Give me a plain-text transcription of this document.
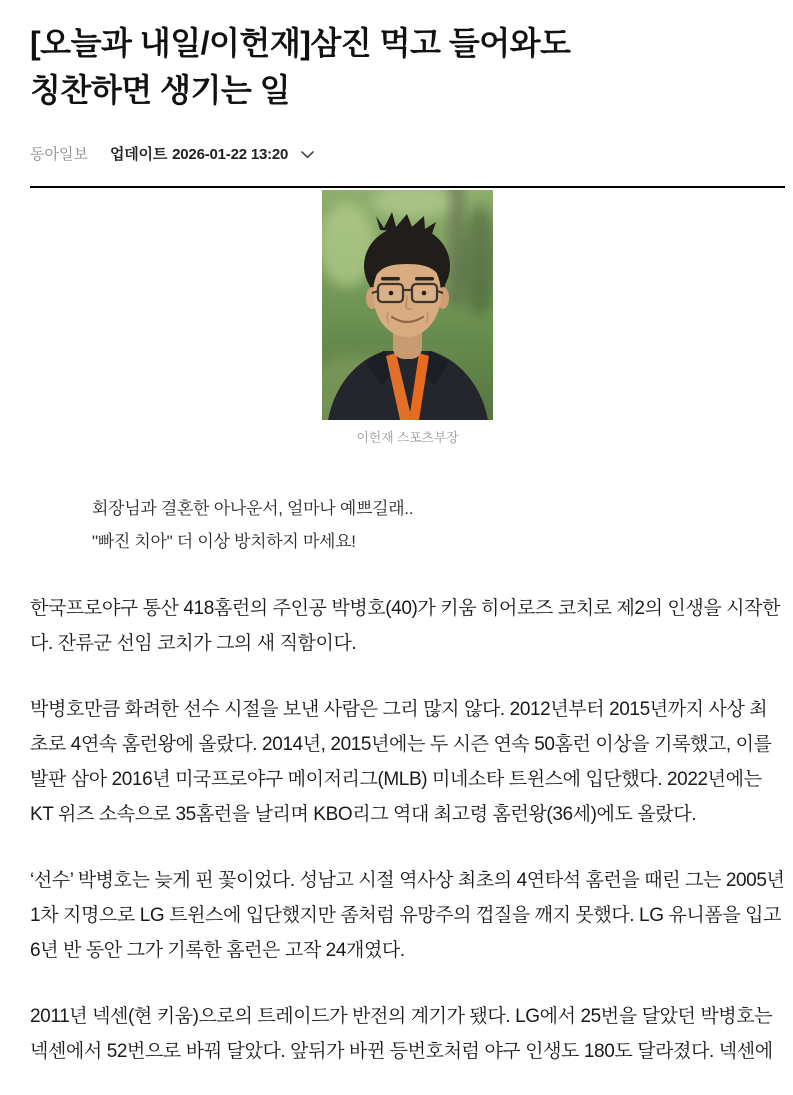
[오늘과 내일/이헌재]삼진 먹고 들어와도 칭찬하면 생기는 일
동아일보 업데이트 2026-01-22 13:20
이헌재 스포츠부장

회장님과 결혼한 아나운서, 얼마나 예쁘길래..

"빠진 치아" 더 이상 방치하지 마세요!

한국프로야구 통산 418홈런의 주인공 박병호(40)가 키움 히어로즈 코치로 제2의 인생을 시작한다. 잔류군 선임 코치가 그의 새 직함이다.

박병호만큼 화려한 선수 시절을 보낸 사람은 그리 많지 않다. 2012년부터 2015년까지 사상 최초로 4연속 홈런왕에 올랐다. 2014년, 2015년에는 두 시즌 연속 50홈런 이상을 기록했고, 이를 발판 삼아 2016년 미국프로야구 메이저리그(MLB) 미네소타 트윈스에 입단했다. 2022년에는 KT 위즈 소속으로 35홈런을 날리며 KBO리그 역대 최고령 홈런왕(36세)에도 올랐다.

‘선수’ 박병호는 늦게 핀 꽃이었다. 성남고 시절 역사상 최초의 4연타석 홈런을 때린 그는 2005년 1차 지명으로 LG 트윈스에 입단했지만 좀처럼 유망주의 껍질을 깨지 못했다. LG 유니폼을 입고 6년 반 동안 그가 기록한 홈런은 고작 24개였다.

2011년 넥센(현 키움)으로의 트레이드가 반전의 계기가 됐다. LG에서 25번을 달았던 박병호는 넥센에서 52번으로 바꿔 달았다. 앞뒤가 바뀐 등번호처럼 야구 인생도 180도 달라졌다. 넥센에
